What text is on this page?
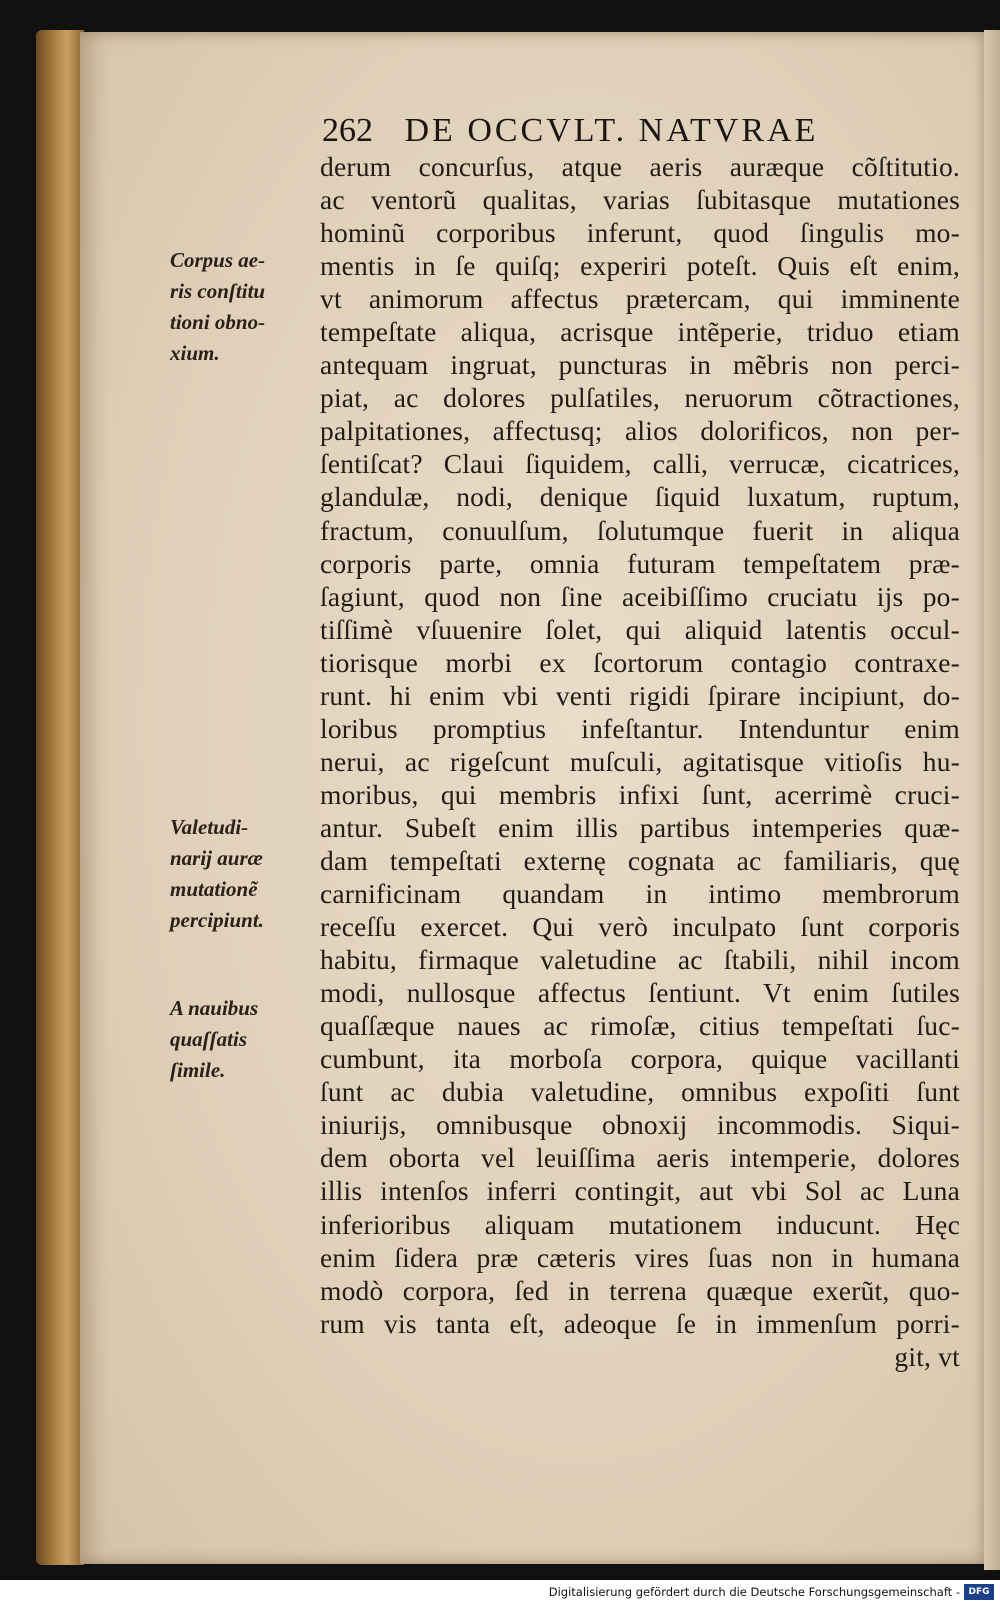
262 DE OCCVLT. NATVRAE
derum concurſus, atque aeris auræque cõſtitutio.
ac ventorũ qualitas, varias ſubitasque mutationes
hominũ corporibus inferunt, quod ſingulis mo-
mentis in ſe quiſq; experiri poteſt. Quis eſt enim,
vt animorum affectus prætercam, qui imminente
tempeſtate aliqua, acrisque intẽperie, triduo etiam
antequam ingruat, puncturas in mẽbris non perci-
piat, ac dolores pulſatiles, neruorum cõtractiones,
palpitationes, affectusq; alios dolorificos, non per-
ſentiſcat? Claui ſiquidem, calli, verrucæ, cicatrices,
glandulæ, nodi, denique ſiquid luxatum, ruptum,
fractum, conuulſum, ſolutumque fuerit in aliqua
corporis parte, omnia futuram tempeſtatem præ-
ſagiunt, quod non ſine aceibiſſimo cruciatu ijs po-
tiſſimè vſuuenire ſolet, qui aliquid latentis occul-
tiorisque morbi ex ſcortorum contagio contraxe-
runt. hi enim vbi venti rigidi ſpirare incipiunt, do-
loribus promptius infeſtantur. Intenduntur enim
nerui, ac rigeſcunt muſculi, agitatisque vitioſis hu-
moribus, qui membris infixi ſunt, acerrimè cruci-
antur. Subeſt enim illis partibus intemperies quæ-
dam tempeſtati externę cognata ac familiaris, quę
carnificinam quandam in intimo membrorum
receſſu exercet. Qui verò inculpato ſunt corporis
habitu, firmaque valetudine ac ſtabili, nihil incom
modi, nullosque affectus ſentiunt. Vt enim ſutiles
quaſſæque naues ac rimoſæ, citius tempeſtati ſuc-
cumbunt, ita morboſa corpora, quique vacillanti
ſunt ac dubia valetudine, omnibus expoſiti ſunt
iniurijs, omnibusque obnoxij incommodis. Siqui-
dem oborta vel leuiſſima aeris intemperie, dolores
illis intenſos inferri contingit, aut vbi Sol ac Luna
inferioribus aliquam mutationem inducunt. Hęc
enim ſidera præ cæteris vires ſuas non in humana
modò corpora, ſed in terrena quæque exerũt, quo-
rum vis tanta eſt, adeoque ſe in immenſum porri-
git, vt
Corpus ae-
ris conſtitu
tioni obno-
xium.
Valetudi-
narij auræ
mutationẽ
percipiunt.
A nauibus
quaſſatis
ſimile.
Digitalisierung gefördert durch die Deutsche Forschungsgemeinschaft - DFG
